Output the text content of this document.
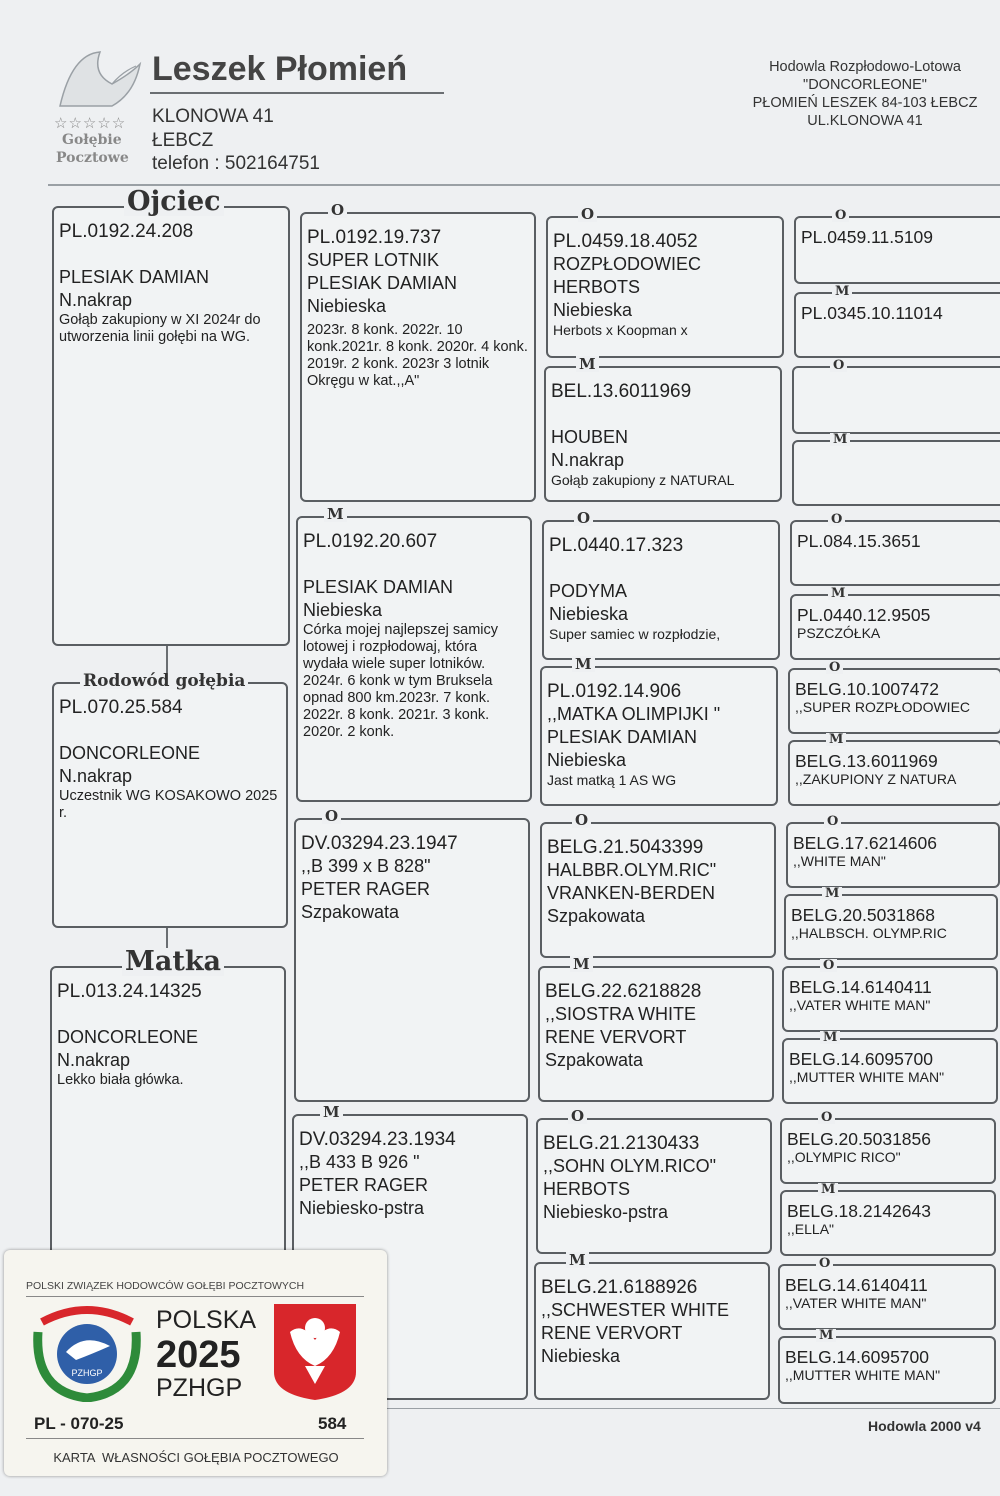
☆☆☆☆☆
Gołębie
Pocztowe
Leszek Płomień
KLONOWA 41
ŁEBCZ
telefon : 502164751
Hodowla Rozpłodowo-Lotowa
"DONCORLEONE"
PŁOMIEŃ LESZEK 84-103 ŁEBCZ
UL.KLONOWA 41
Ojciec
PL.0192.24.208

PLESIAK DAMIAN
N.nakrap
Gołąb zakupiony w XI 2024r do utworzenia linii gołębi na WG.
Rodowód gołębia
PL.070.25.584

DONCORLEONE
N.nakrap
Uczestnik WG KOSAKOWO 2025 r.
Matka
PL.013.24.14325

DONCORLEONE
N.nakrap
Lekko biała główka.
O
PL.0192.19.737
SUPER LOTNIK
PLESIAK DAMIAN
Niebieska
2023r. 8 konk. 2022r. 10 konk.2021r. 8 konk. 2020r. 4 konk. 2019r. 2 konk. 2023r 3 lotnik Okręgu w kat.,,A"
M
PL.0192.20.607

PLESIAK DAMIAN
Niebieska
Córka mojej najlepszej samicy lotowej i rozpłodowaj, która wydała wiele super lotników. 2024r. 6 konk w tym Bruksela opnad 800 km.2023r. 7 konk. 2022r. 8 konk. 2021r. 3 konk. 2020r. 2 konk.
O
DV.03294.23.1947
,,B 399 x B 828"
PETER RAGER
Szpakowata
M
DV.03294.23.1934
,,B 433 B 926 "
PETER RAGER
Niebiesko-pstra
O
PL.0459.18.4052
ROZPŁODOWIEC
HERBOTS
Niebieska
Herbots x Koopman x
M
BEL.13.6011969

HOUBEN
N.nakrap
Gołąb zakupiony z NATURAL
O
PL.0440.17.323

PODYMA
Niebieska
Super samiec w rozpłodzie,
M
PL.0192.14.906
,,MATKA OLIMPIJKI "
PLESIAK DAMIAN
Niebieska
Jast matką 1 AS WG
O
BELG.21.5043399
HALBBR.OLYM.RIC"
VRANKEN-BERDEN
Szpakowata
M
BELG.22.6218828
,,SIOSTRA WHITE
RENE VERVORT
Szpakowata
O
BELG.21.2130433
,,SOHN OLYM.RICO"
HERBOTS
Niebiesko-pstra
M
BELG.21.6188926
,,SCHWESTER WHITE
RENE VERVORT
Niebieska
O
PL.0459.11.5109
M
PL.0345.10.11014
O
M
O
PL.084.15.3651
M
PL.0440.12.9505
PSZCZÓŁKA
O
BELG.10.1007472
,,SUPER ROZPŁODOWIEC
M
BELG.13.6011969
,,ZAKUPIONY Z NATURA
O
BELG.17.6214606
,,WHITE MAN"
M
BELG.20.5031868
,,HALBSCH. OLYMP.RIC
O
BELG.14.6140411
,,VATER WHITE MAN"
M
BELG.14.6095700
,,MUTTER WHITE MAN"
O
BELG.20.5031856
,,OLYMPIC RICO"
M
BELG.18.2142643
,,ELLA"
O
BELG.14.6140411
,,VATER WHITE MAN"
M
BELG.14.6095700
,,MUTTER WHITE MAN"
Hodowla 2000 v4
POLSKI ZWIĄZEK HODOWCÓW GOŁĘBI POCZTOWYCH
PZHGP
POLSKA
2025
PZHGP
PL - 070-25	584
KARTA  WŁASNOŚCI GOŁĘBIA POCZTOWEGO
